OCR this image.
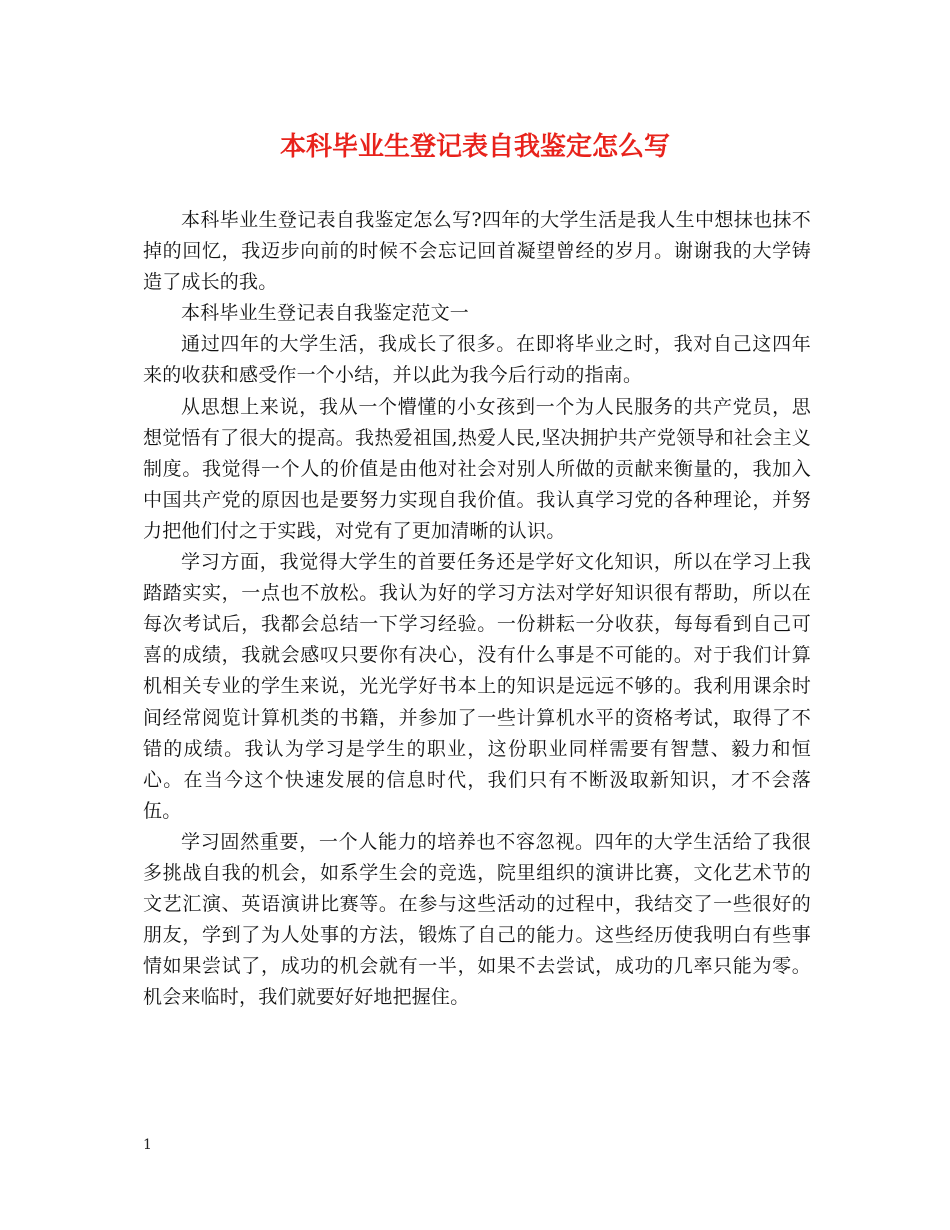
本科毕业生登记表自我鉴定怎么写

本科毕业生登记表自我鉴定怎么写?四年的大学生活是我人生中想抹也抹不掉的回忆，我迈步向前的时候不会忘记回首凝望曾经的岁月。谢谢我的大学铸造了成长的我。

本科毕业生登记表自我鉴定范文一

通过四年的大学生活，我成长了很多。在即将毕业之时，我对自己这四年来的收获和感受作一个小结，并以此为我今后行动的指南。

从思想上来说，我从一个懵懂的小女孩到一个为人民服务的共产党员，思想觉悟有了很大的提高。我热爱祖国,热爱人民,坚决拥护共产党领导和社会主义制度。我觉得一个人的价值是由他对社会对别人所做的贡献来衡量的，我加入中国共产党的原因也是要努力实现自我价值。我认真学习党的各种理论，并努力把他们付之于实践，对党有了更加清晰的认识。

学习方面，我觉得大学生的首要任务还是学好文化知识，所以在学习上我踏踏实实，一点也不放松。我认为好的学习方法对学好知识很有帮助，所以在每次考试后，我都会总结一下学习经验。一份耕耘一分收获，每每看到自己可喜的成绩，我就会感叹只要你有决心，没有什么事是不可能的。对于我们计算机相关专业的学生来说，光光学好书本上的知识是远远不够的。我利用课余时间经常阅览计算机类的书籍，并参加了一些计算机水平的资格考试，取得了不错的成绩。我认为学习是学生的职业，这份职业同样需要有智慧、毅力和恒心。在当今这个快速发展的信息时代，我们只有不断汲取新知识，才不会落伍。

学习固然重要，一个人能力的培养也不容忽视。四年的大学生活给了我很多挑战自我的机会，如系学生会的竞选，院里组织的演讲比赛，文化艺术节的文艺汇演、英语演讲比赛等。在参与这些活动的过程中，我结交了一些很好的朋友，学到了为人处事的方法，锻炼了自己的能力。这些经历使我明白有些事情如果尝试了，成功的机会就有一半，如果不去尝试，成功的几率只能为零。机会来临时，我们就要好好地把握住。

1
